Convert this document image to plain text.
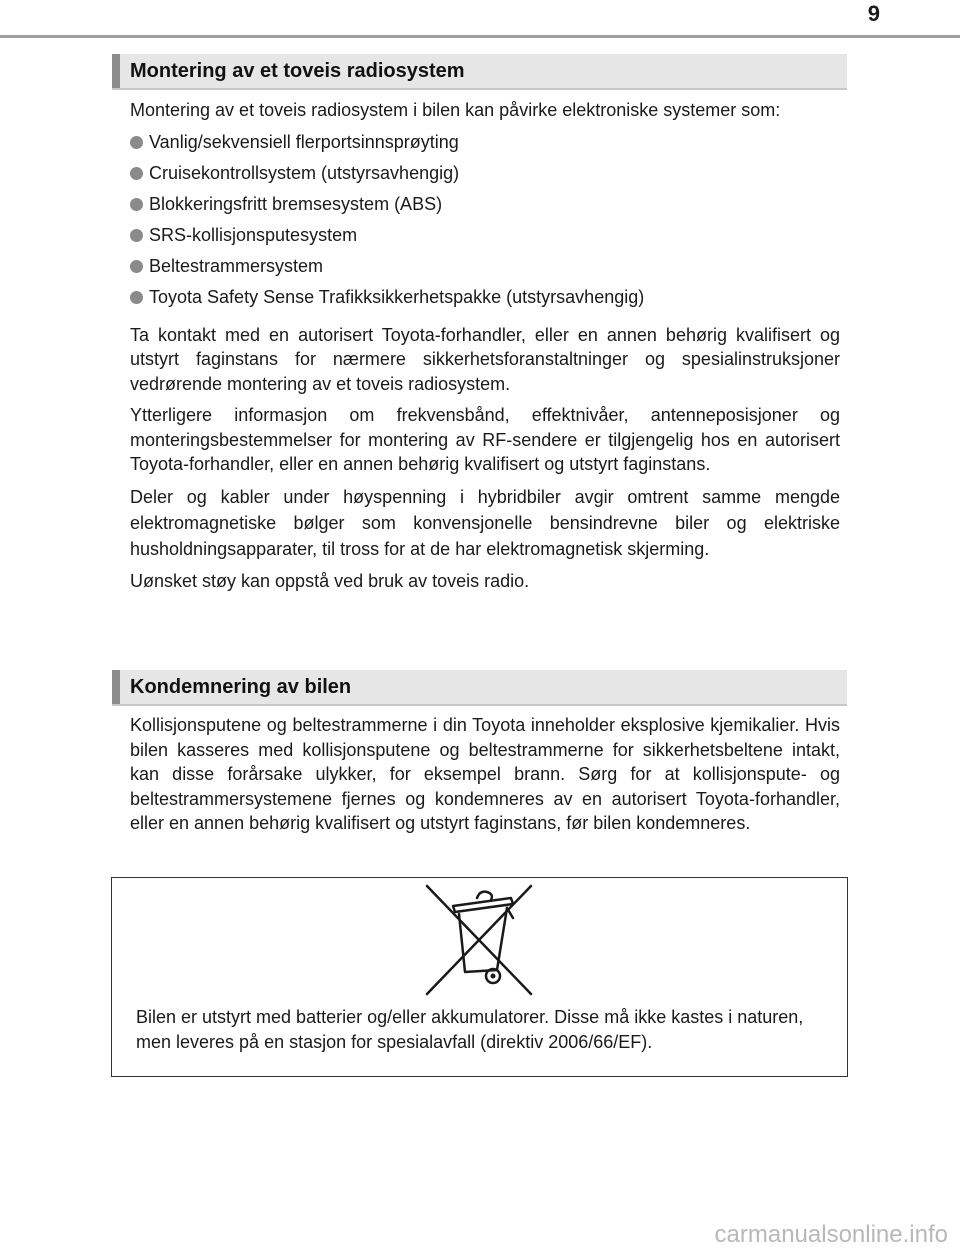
9
Montering av et toveis radiosystem

Montering av et toveis radiosystem i bilen kan påvirke elektroniske systemer som:

Vanlig/sekvensiell flerportsinnsprøyting
Cruisekontrollsystem (utstyrsavhengig)
Blokkeringsfritt bremsesystem (ABS)
SRS-kollisjonsputesystem
Beltestrammersystem
Toyota Safety Sense Trafikksikkerhetspakke (utstyrsavhengig)

Ta kontakt med en autorisert Toyota-forhandler, eller en annen behørig kvalifisert og utstyrt faginstans for nærmere sikkerhetsforanstaltninger og spesialinstruksjoner vedrørende montering av et toveis radiosystem.

Ytterligere informasjon om frekvensbånd, effektnivåer, antenneposisjoner og monteringsbestemmelser for montering av RF-sendere er tilgjengelig hos en autorisert Toyota-forhandler, eller en annen behørig kvalifisert og utstyrt faginstans.

Deler og kabler under høyspenning i hybridbiler avgir omtrent samme mengde elektromagnetiske bølger som konvensjonelle bensindrevne biler og elektriske husholdningsapparater, til tross for at de har elektromagnetisk skjerming.

Uønsket støy kan oppstå ved bruk av toveis radio.

Kondemnering av bilen

Kollisjonsputene og beltestrammerne i din Toyota inneholder eksplosive kjemikalier. Hvis bilen kasseres med kollisjonsputene og beltestrammerne for sikkerhetsbeltene intakt, kan disse forårsake ulykker, for eksempel brann. Sørg for at kollisjonspute- og beltestrammersystemene fjernes og kondemneres av en autorisert Toyota-forhandler, eller en annen behørig kvalifisert og utstyrt faginstans, før bilen kondemneres.

Bilen er utstyrt med batterier og/eller akkumulatorer. Disse må ikke kastes i naturen, men leveres på en stasjon for spesialavfall (direktiv 2006/66/EF).
carmanualsonline.info
